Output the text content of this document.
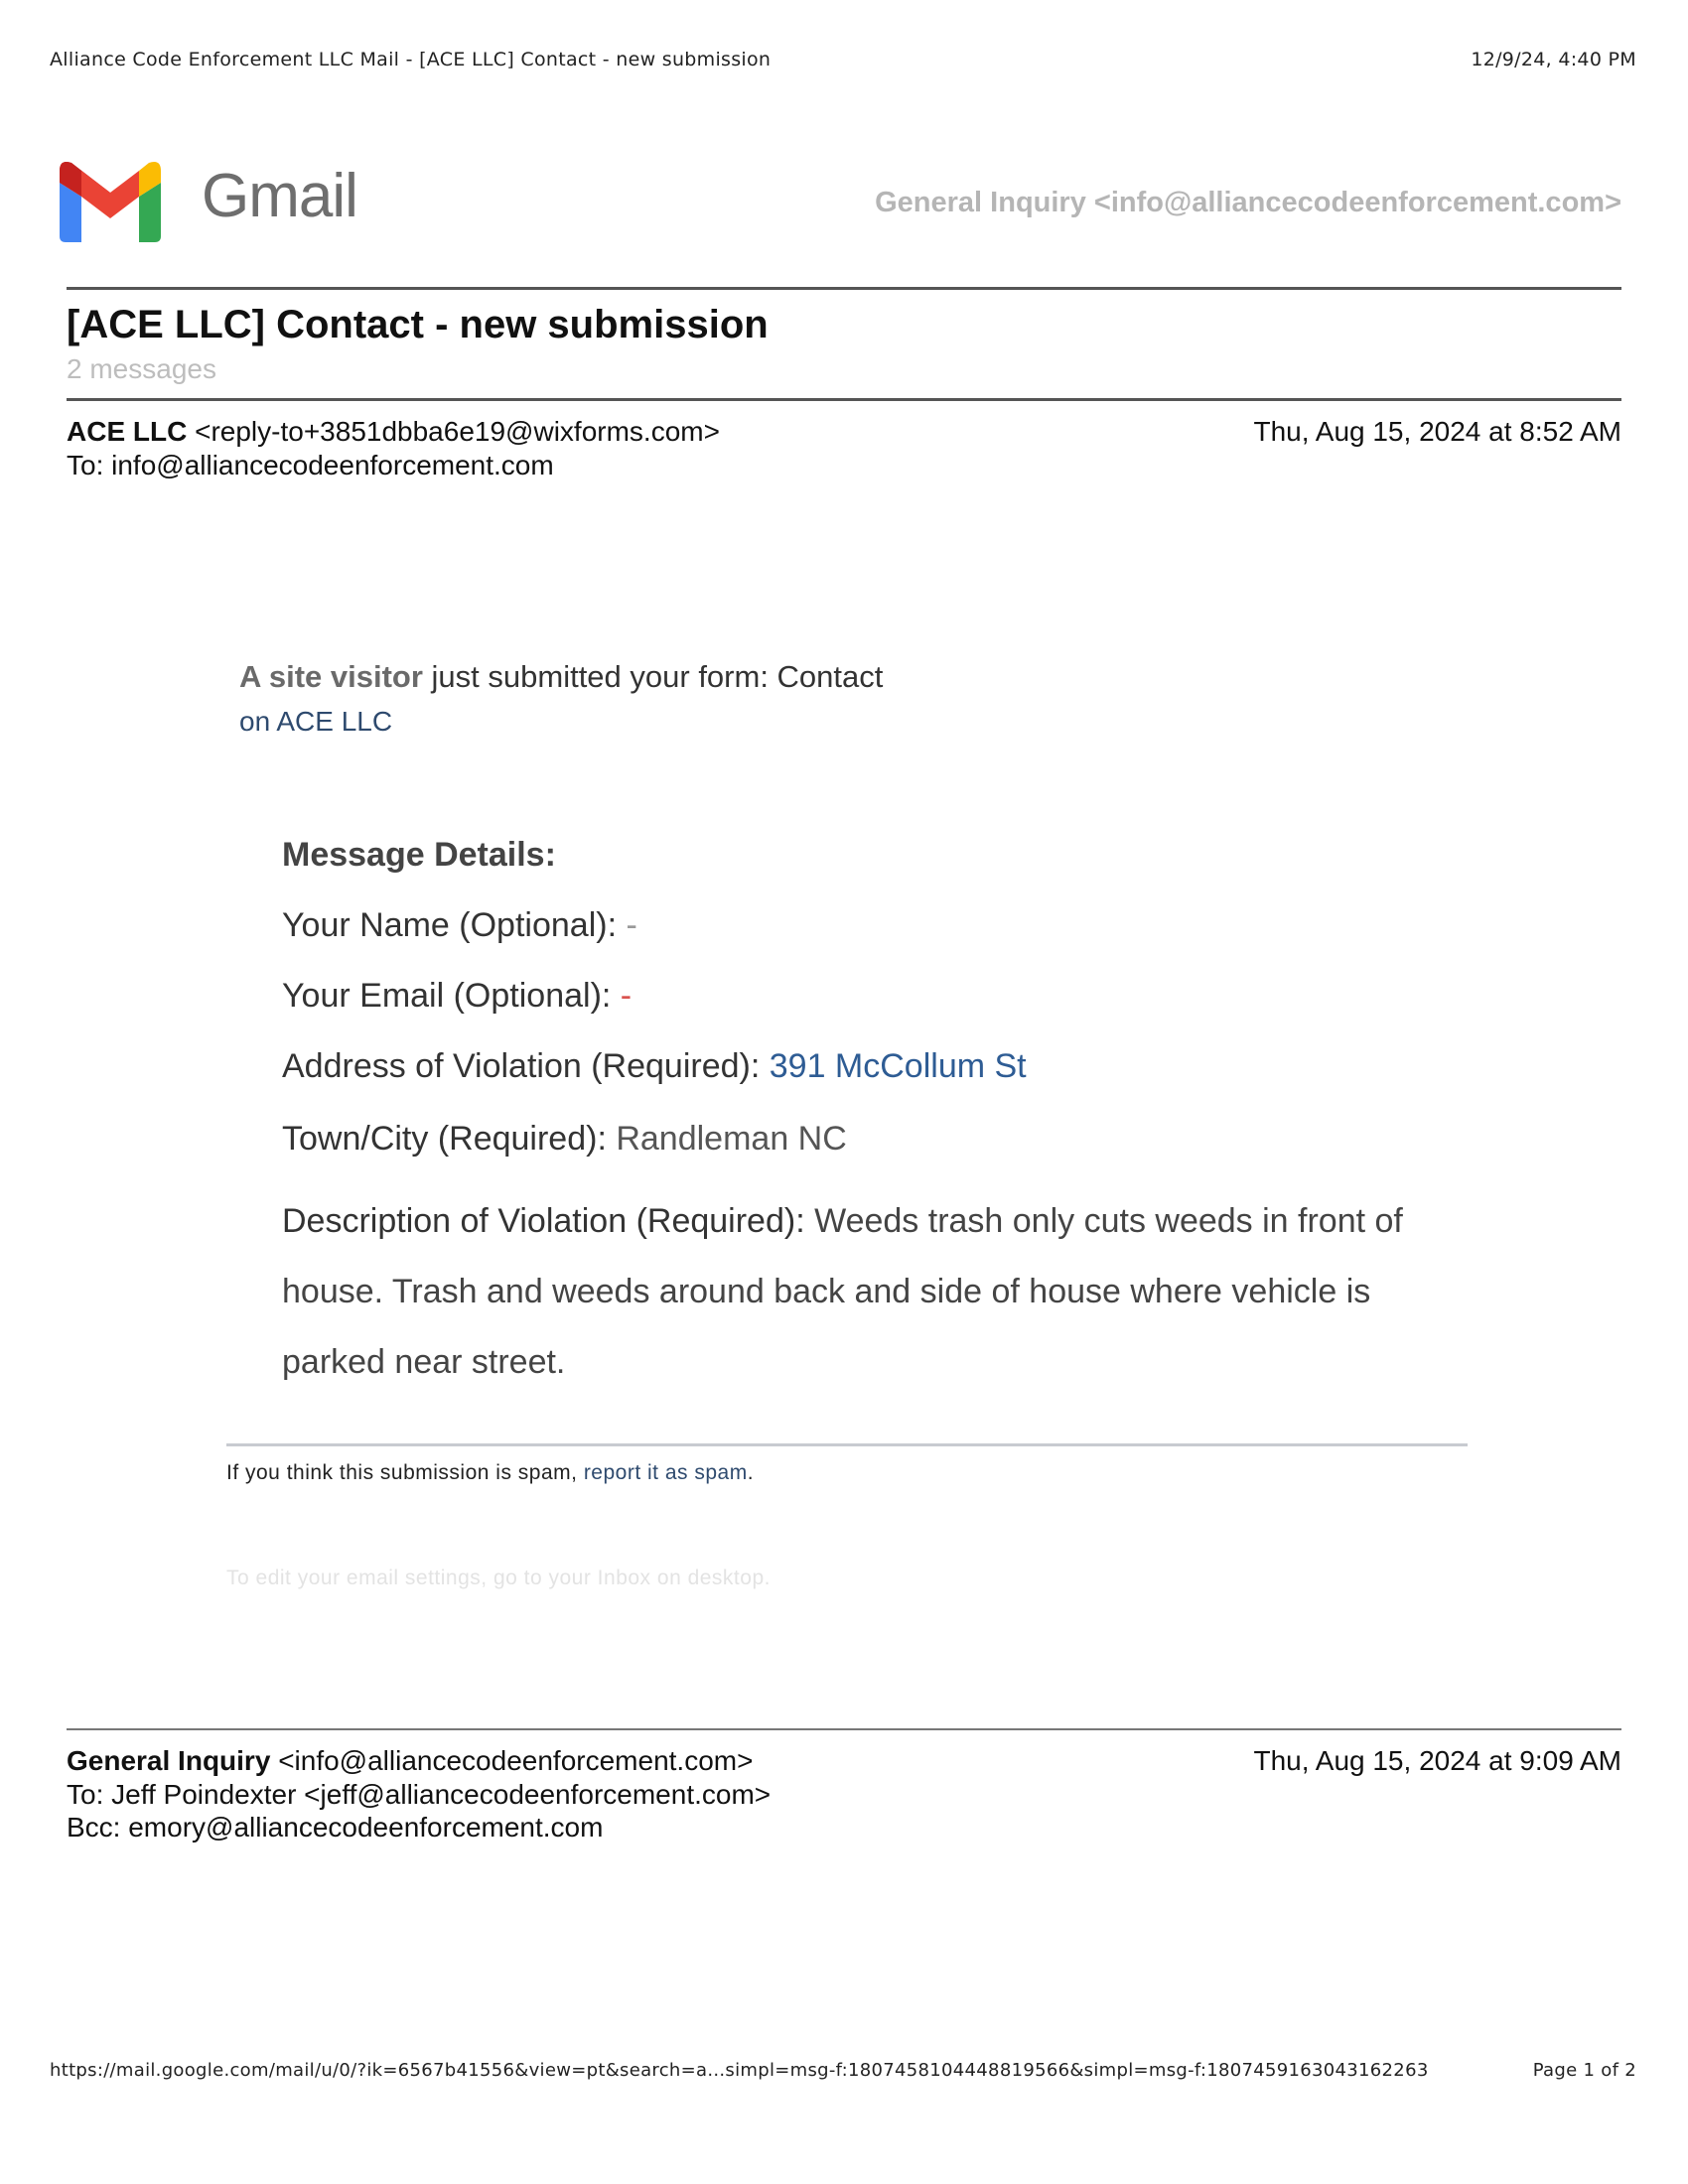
Alliance Code Enforcement LLC Mail - [ACE LLC] Contact - new submission	12/9/24, 4:40 PM
Gmail	General Inquiry <info@alliancecodeenforcement.com>
[ACE LLC] Contact - new submission
2 messages
ACE LLC <reply-to+3851dbba6e19@wixforms.com>
To: info@alliancecodeenforcement.com
Thu, Aug 15, 2024 at 8:52 AM
A site visitor just submitted your form: Contact
on ACE LLC
Message Details:
Your Name (Optional): -
Your Email (Optional): -
Address of Violation (Required): 391 McCollum St
Town/City (Required): Randleman NC
Description of Violation (Required): Weeds trash only cuts weeds in front of house. Trash and weeds around back and side of house where vehicle is parked near street.
If you think this submission is spam, report it as spam.
To edit your email settings, go to your Inbox on desktop.
General Inquiry <info@alliancecodeenforcement.com>
To: Jeff Poindexter <jeff@alliancecodeenforcement.com>
Bcc: emory@alliancecodeenforcement.com
Thu, Aug 15, 2024 at 9:09 AM
https://mail.google.com/mail/u/0/?ik=6567b41556&view=pt&search=a...simpl=msg-f:1807458104448819566&simpl=msg-f:1807459163043162263	Page 1 of 2
